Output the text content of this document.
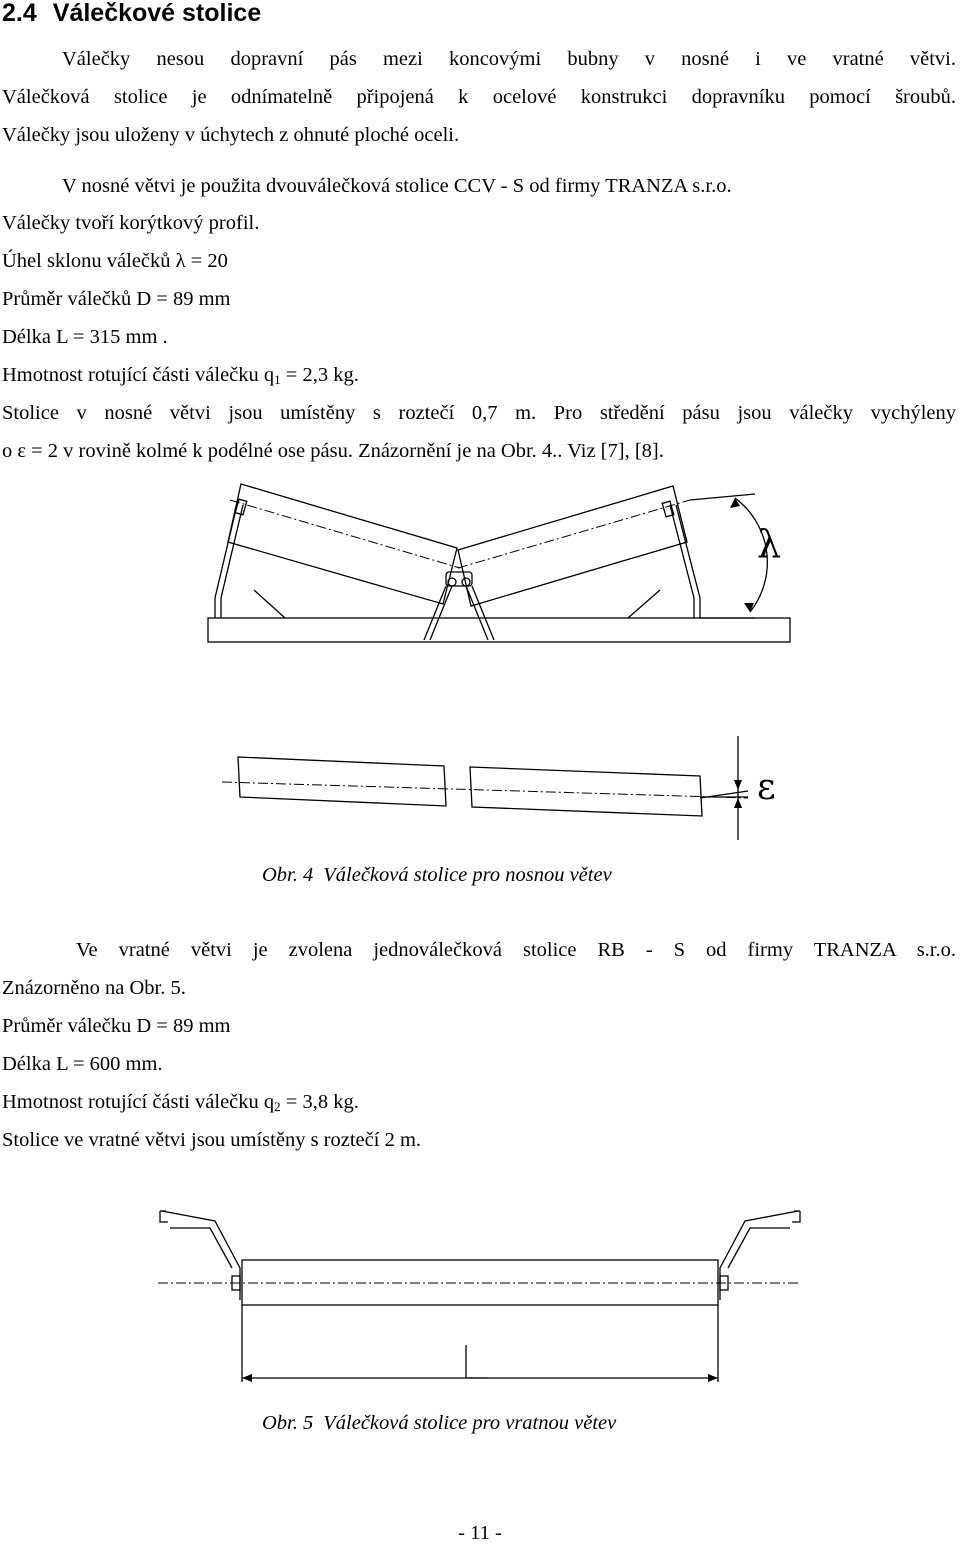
2.4 Válečkové stolice

Válečky nesou dopravní pás mezi koncovými bubny v nosné i ve vratné větvi.

Válečková stolice je odnímatelně připojená k ocelové konstrukci dopravníku pomocí šroubů.

Válečky jsou uloženy v úchytech z ohnuté ploché oceli.

V nosné větvi je použita dvouválečková stolice CCV - S od firmy TRANZA s.r.o.

Válečky tvoří korýtkový profil.

Úhel sklonu válečků λ = 20

Průměr válečků D = 89 mm

Délka L = 315 mm .

Hmotnost rotující části válečku $q_1 = 2,3$ kg.

Stolice v nosné větvi jsou umístěny s roztečí 0,7 m. Pro středění pásu jsou válečky vychýleny

o ε = 2 v rovině kolmé k podélné ose pásu. Znázornění je na Obr. 4.. Viz [7], [8].

λ
ε
Obr. 4 Válečková stolice pro nosnou větev

Ve vratné větvi je zvolena jednoválečková stolice RB - S od firmy TRANZA s.r.o.

Znázorněno na Obr. 5.

Průměr válečku D = 89 mm

Délka L = 600 mm.

Hmotnost rotující části válečku $q_2 = 3,8$ kg.

Stolice ve vratné větvi jsou umístěny s roztečí 2 m.

Obr. 5 Válečková stolice pro vratnou větev
- 11 -
